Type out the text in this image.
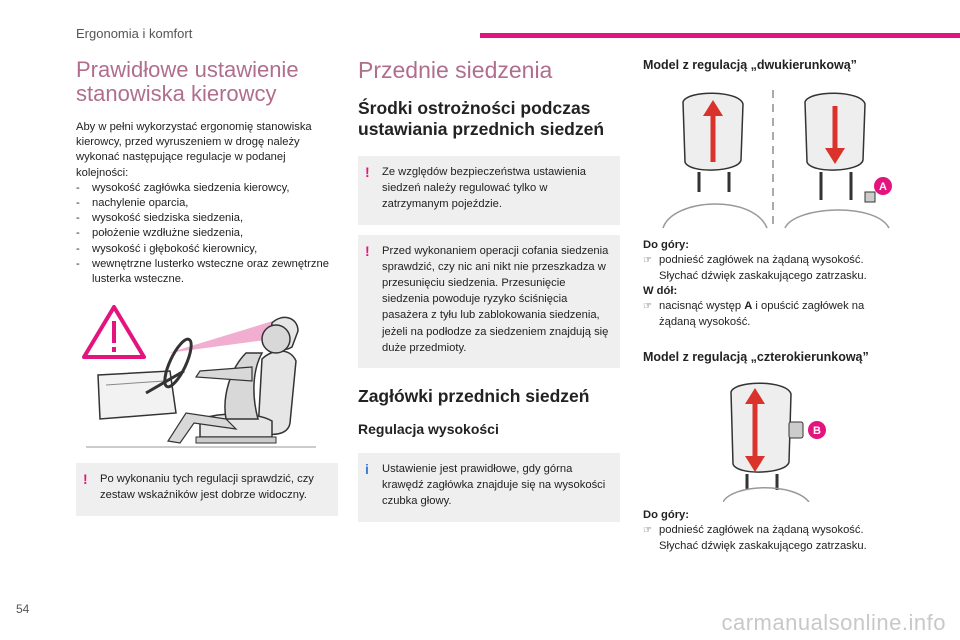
Ergonomia i komfort
Prawidłowe ustawienie stanowiska kierowcy

Aby w pełni wykorzystać ergonomię stanowiska kierowcy, przed wyruszeniem w drogę należy wykonać następujące regulacje w podanej kolejności:

- wysokość zagłówka siedzenia kierowcy,
- nachylenie oparcia,
- wysokość siedziska siedzenia,
- położenie wzdłużne siedzenia,
- wysokość i głębokość kierownicy,
- wewnętrzne lusterko wsteczne oraz zewnętrzne lusterka wsteczne.
! Po wykonaniu tych regulacji sprawdzić, czy zestaw wskaźników jest dobrze widoczny.
Przednie siedzenia
Środki ostrożności podczas ustawiania przednich siedzeń
! Ze względów bezpieczeństwa ustawienia siedzeń należy regulować tylko w zatrzymanym pojeździe.
! Przed wykonaniem operacji cofania siedzenia sprawdzić, czy nic ani nikt nie przeszkadza w przesunięciu siedzenia. Przesunięcie siedzenia powoduje ryzyko ściśnięcia pasażera z tyłu lub zablokowania siedzenia, jeżeli na podłodze za siedzeniem znajdują się duże przedmioty.
Zagłówki przednich siedzeń
Regulacja wysokości
i Ustawienie jest prawidłowe, gdy górna krawędź zagłówka znajduje się na wysokości czubka głowy.
Model z regulacją „dwukierunkową”
A
Do góry:
☞ podnieść zagłówek na żądaną wysokość.
Słychać dźwięk zaskakującego zatrzasku.
W dół:
☞ nacisnąć występ A i opuścić zagłówek na żądaną wysokość.
Model z regulacją „czterokierunkową”
B
Do góry:
☞ podnieść zagłówek na żądaną wysokość.
Słychać dźwięk zaskakującego zatrzasku.
54
carmanualsonline.info
